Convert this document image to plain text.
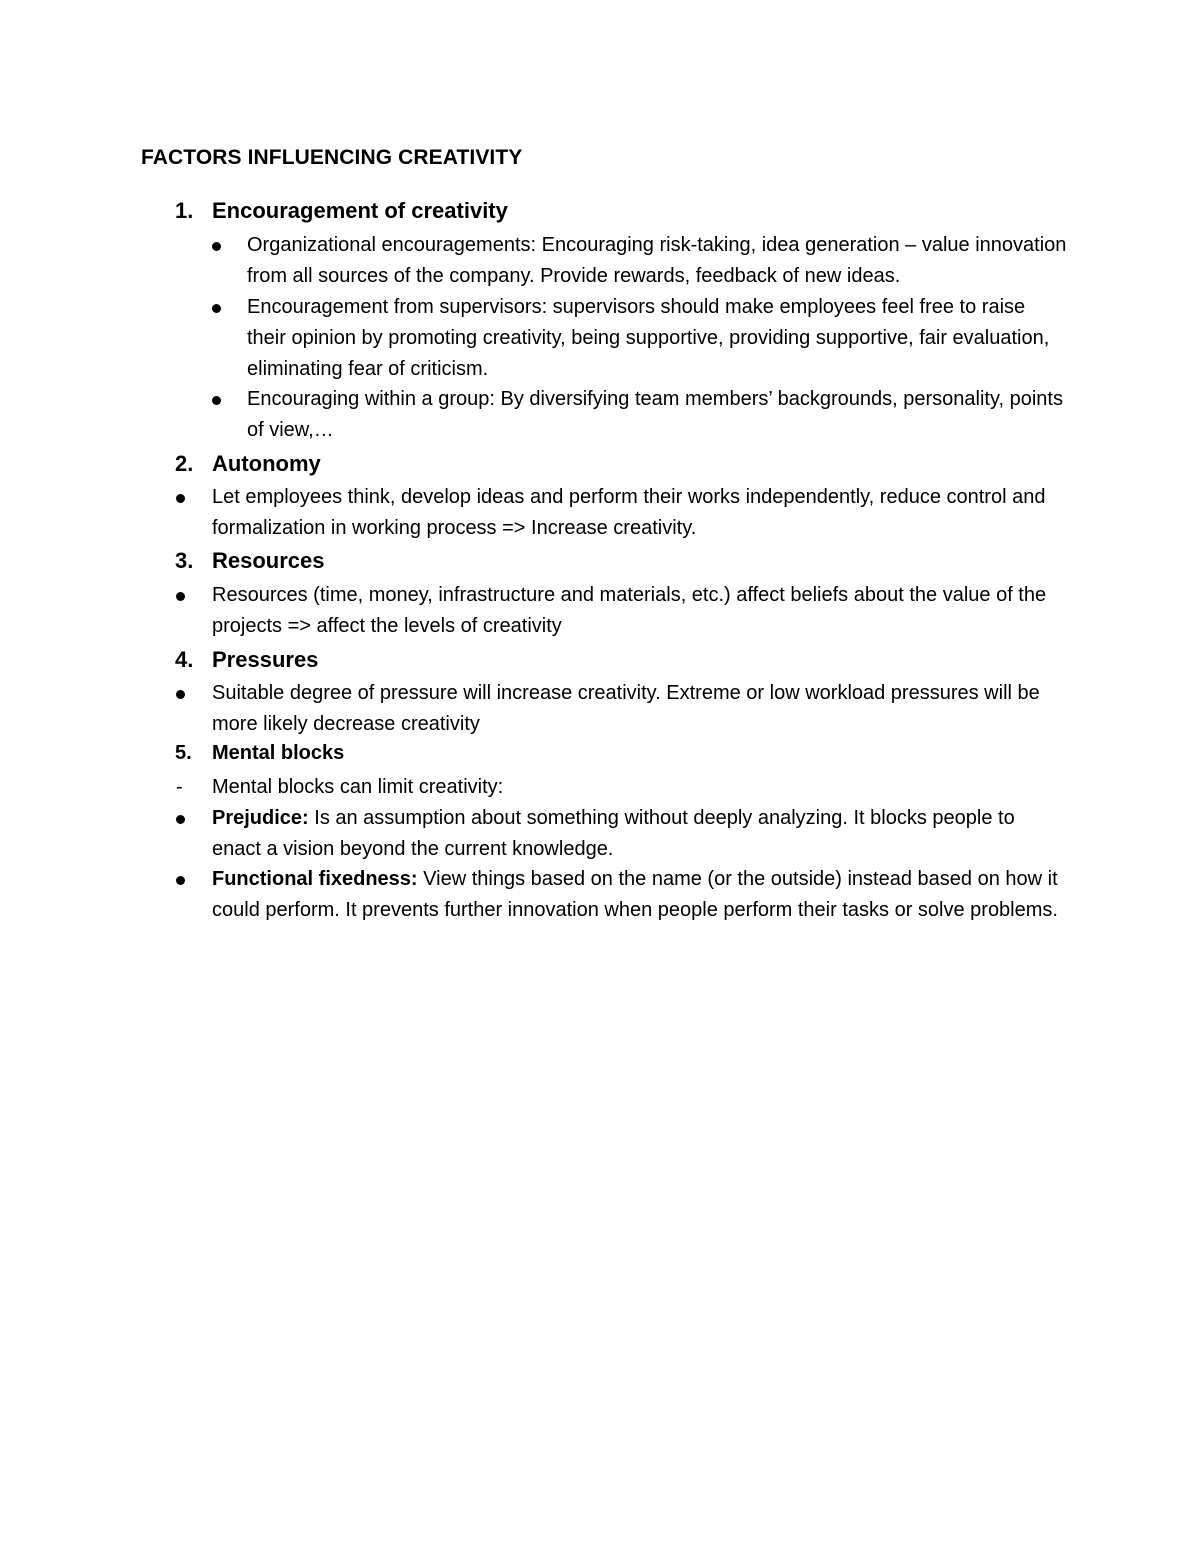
FACTORS INFLUENCING CREATIVITY
1. Encouragement of creativity
Organizational encouragements: Encouraging risk-taking, idea generation – value innovation from all sources of the company. Provide rewards, feedback of new ideas.
Encouragement from supervisors: supervisors should make employees feel free to raise their opinion by promoting creativity, being supportive, providing supportive, fair evaluation, eliminating fear of criticism.
Encouraging within a group: By diversifying team members’ backgrounds, personality, points of view,…
2. Autonomy
Let employees think, develop ideas and perform their works independently, reduce control and formalization in working process => Increase creativity.
3. Resources
Resources (time, money, infrastructure and materials, etc.) affect beliefs about the value of the projects => affect the levels of creativity
4. Pressures
Suitable degree of pressure will increase creativity. Extreme or low workload pressures will be more likely decrease creativity
5. Mental blocks
- Mental blocks can limit creativity:
Prejudice: Is an assumption about something without deeply analyzing. It blocks people to enact a vision beyond the current knowledge.
Functional fixedness: View things based on the name (or the outside) instead based on how it could perform. It prevents further innovation when people perform their tasks or solve problems.
